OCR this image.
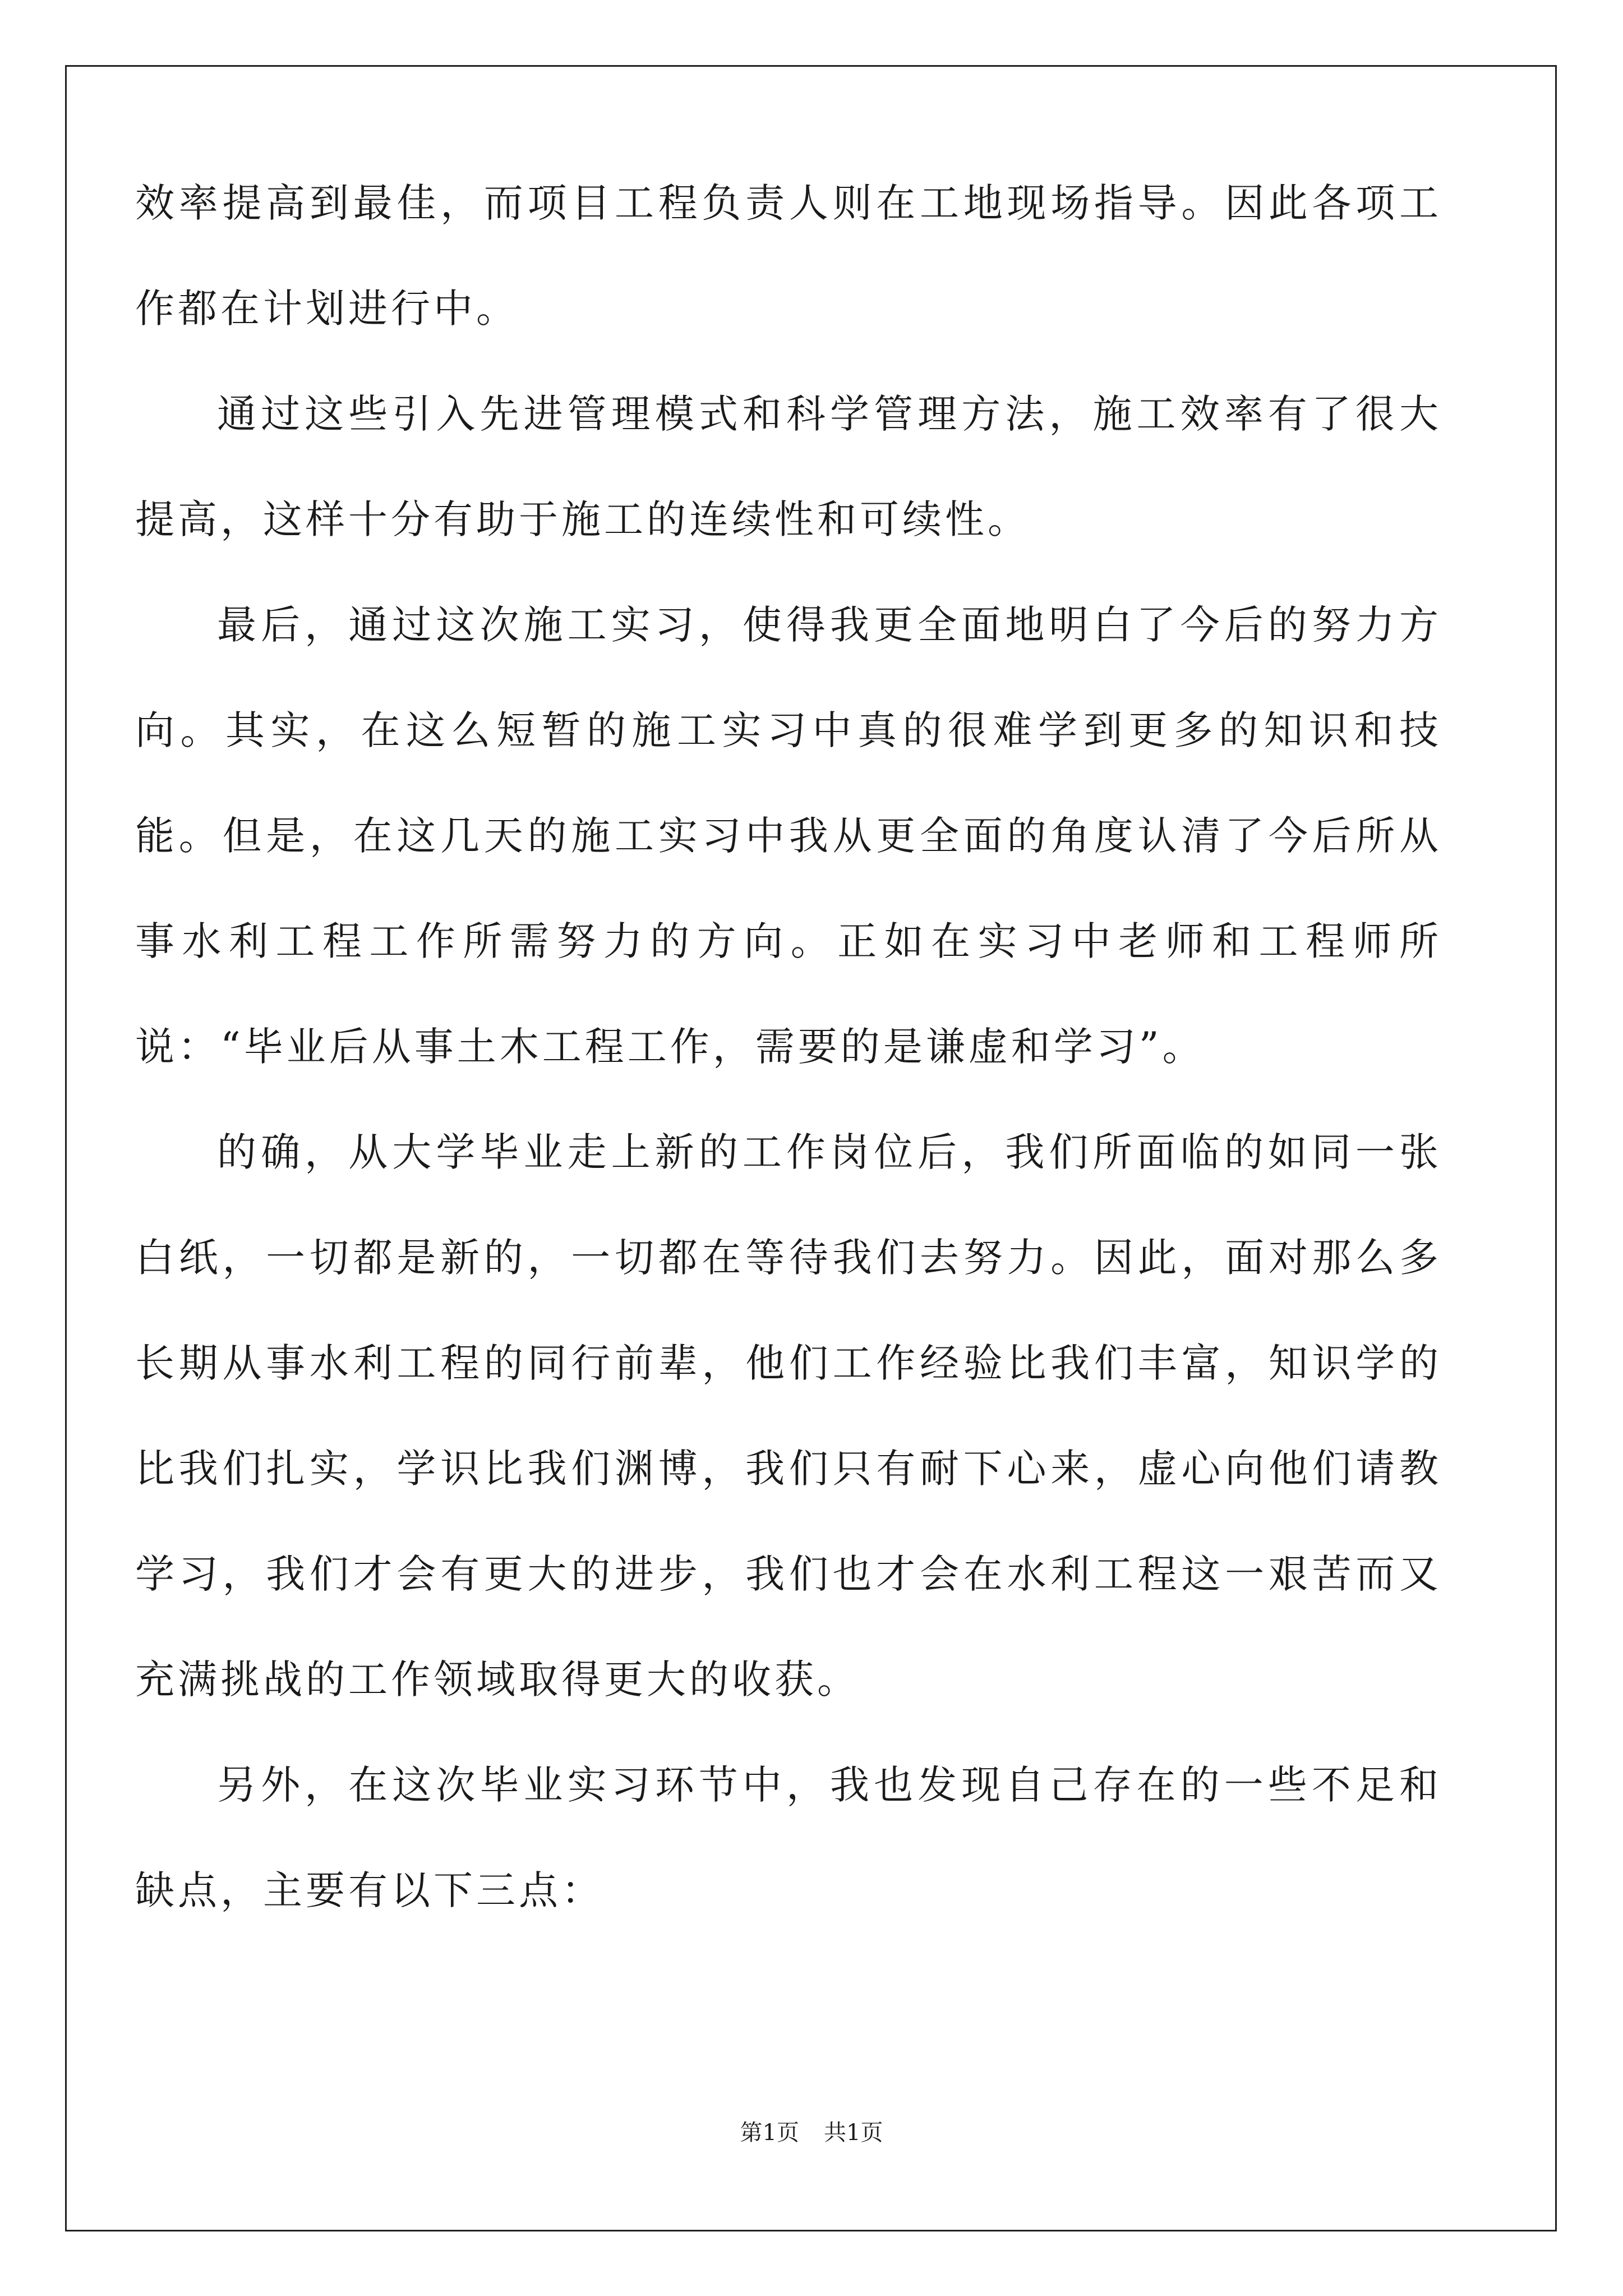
效率提高到最佳，而项目工程负责人则在工地现场指导。因此各项工作都在计划进行中。

通过这些引入先进管理模式和科学管理方法，施工效率有了很大提高，这样十分有助于施工的连续性和可续性。

最后，通过这次施工实习，使得我更全面地明白了今后的努力方向。其实，在这么短暂的施工实习中真的很难学到更多的知识和技能。但是，在这几天的施工实习中我从更全面的角度认清了今后所从事水利工程工作所需努力的方向。正如在实习中老师和工程师所说：“毕业后从事土木工程工作，需要的是谦虚和学习”。

的确，从大学毕业走上新的工作岗位后，我们所面临的如同一张白纸，一切都是新的，一切都在等待我们去努力。因此，面对那么多长期从事水利工程的同行前辈，他们工作经验比我们丰富，知识学的比我们扎实，学识比我们渊博，我们只有耐下心来，虚心向他们请教学习，我们才会有更大的进步，我们也才会在水利工程这一艰苦而又充满挑战的工作领域取得更大的收获。

另外，在这次毕业实习环节中，我也发现自己存在的一些不足和缺点，主要有以下三点：

第1页 共1页
